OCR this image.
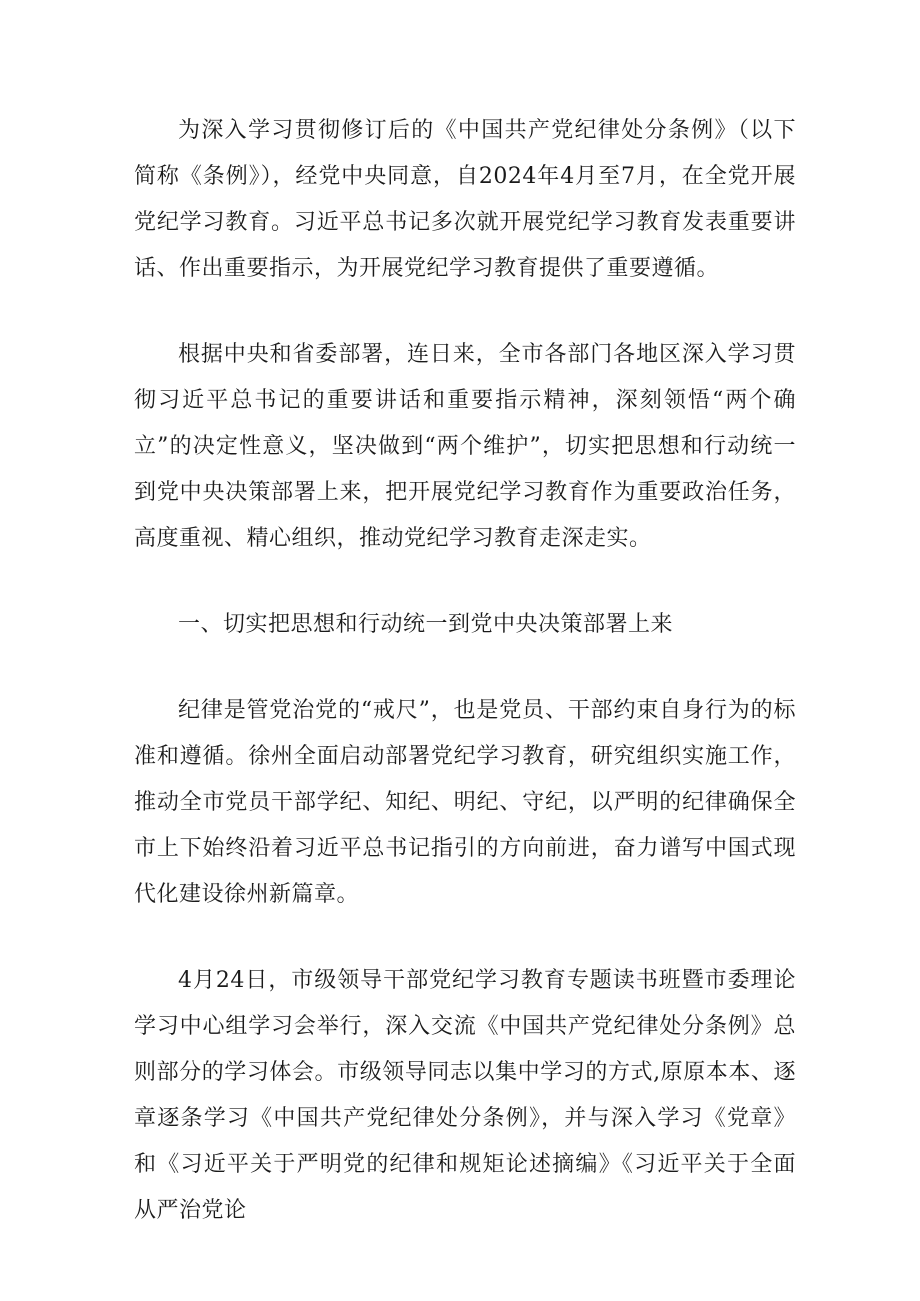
为深入学习贯彻修订后的《中国共产党纪律处分条例》（以下简称《条例》），经党中央同意，自2024年4月至7月，在全党开展党纪学习教育。习近平总书记多次就开展党纪学习教育发表重要讲话、作出重要指示，为开展党纪学习教育提供了重要遵循。

根据中央和省委部署，连日来，全市各部门各地区深入学习贯彻习近平总书记的重要讲话和重要指示精神，深刻领悟“两个确立”的决定性意义，坚决做到“两个维护”，切实把思想和行动统一到党中央决策部署上来，把开展党纪学习教育作为重要政治任务，高度重视、精心组织，推动党纪学习教育走深走实。

一、切实把思想和行动统一到党中央决策部署上来

纪律是管党治党的“戒尺”，也是党员、干部约束自身行为的标准和遵循。徐州全面启动部署党纪学习教育，研究组织实施工作，推动全市党员干部学纪、知纪、明纪、守纪，以严明的纪律确保全市上下始终沿着习近平总书记指引的方向前进，奋力谱写中国式现代化建设徐州新篇章。

4月24日，市级领导干部党纪学习教育专题读书班暨市委理论学习中心组学习会举行，深入交流《中国共产党纪律处分条例》总则部分的学习体会。市级领导同志以集中学习的方式,原原本本、逐章逐条学习《中国共产党纪律处分条例》，并与深入学习《党章》和《习近平关于严明党的纪律和规矩论述摘编》《习近平关于全面从严治党论
